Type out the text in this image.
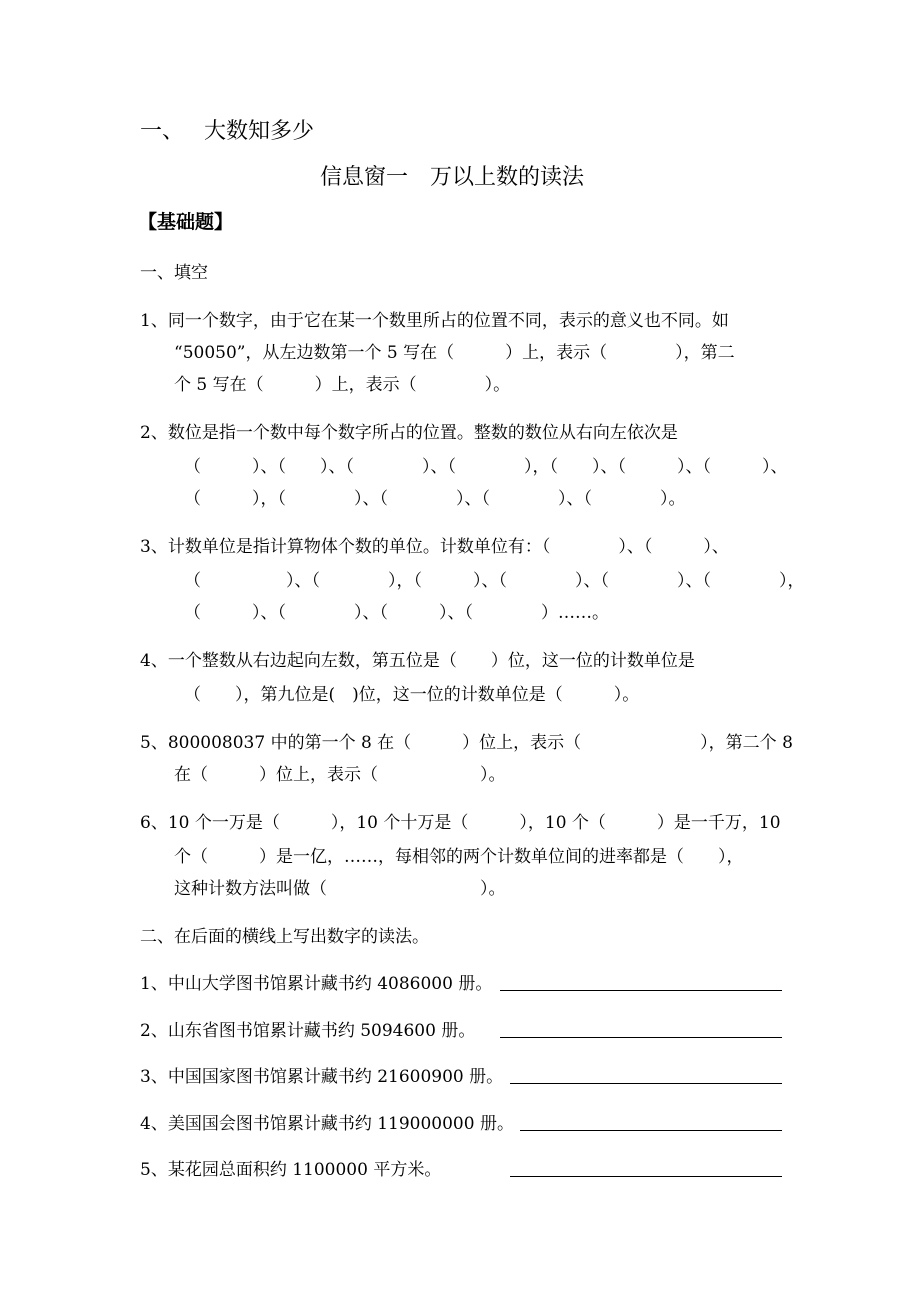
一、 大数知多少
信息窗一　万以上数的读法
【基础题】
一、填空
1、同一个数字，由于它在某一个数里所占的位置不同，表示的意义也不同。如
“50050”，从左边数第一个 5 写在（　　　）上，表示（　　　　），第二
个 5 写在（　　　）上，表示（　　　　）。
2、数位是指一个数中每个数字所占的位置。整数的数位从右向左依次是
（　　　）、（　　）、（　　　　）、（　　　　），（　　）、（　　　）、（　　　）、
（　　　），（　　　　）、（　　　　）、（　　　　）、（　　　　）。
3、计数单位是指计算物体个数的单位。计数单位有：（　　　　）、（　　　）、
（　　　　　）、（　　　　），（　　　）、（　　　　）、（　　　　）、（　　　　），
（　　　）、（　　　　）、（　　　）、（　　　　）……。
4、一个整数从右边起向左数，第五位是（　　）位，这一位的计数单位是
（　　），第九位是(　)位，这一位的计数单位是（　　　）。
5、800008037 中的第一个 8 在（　　　）位上，表示（　　　　　　　），第二个 8
在（　　　）位上，表示（　　　　　　）。
6、10 个一万是（　　　），10 个十万是（　　　），10 个（　　　）是一千万，10
个（　　　）是一亿，……，每相邻的两个计数单位间的进率都是（　　），
这种计数方法叫做（　　　　　　　　　）。
二、在后面的横线上写出数字的读法。
1、中山大学图书馆累计藏书约 4086000 册。
2、山东省图书馆累计藏书约 5094600 册。
3、中国国家图书馆累计藏书约 21600900 册。
4、美国国会图书馆累计藏书约 119000000 册。
5、某花园总面积约 1100000 平方米。
